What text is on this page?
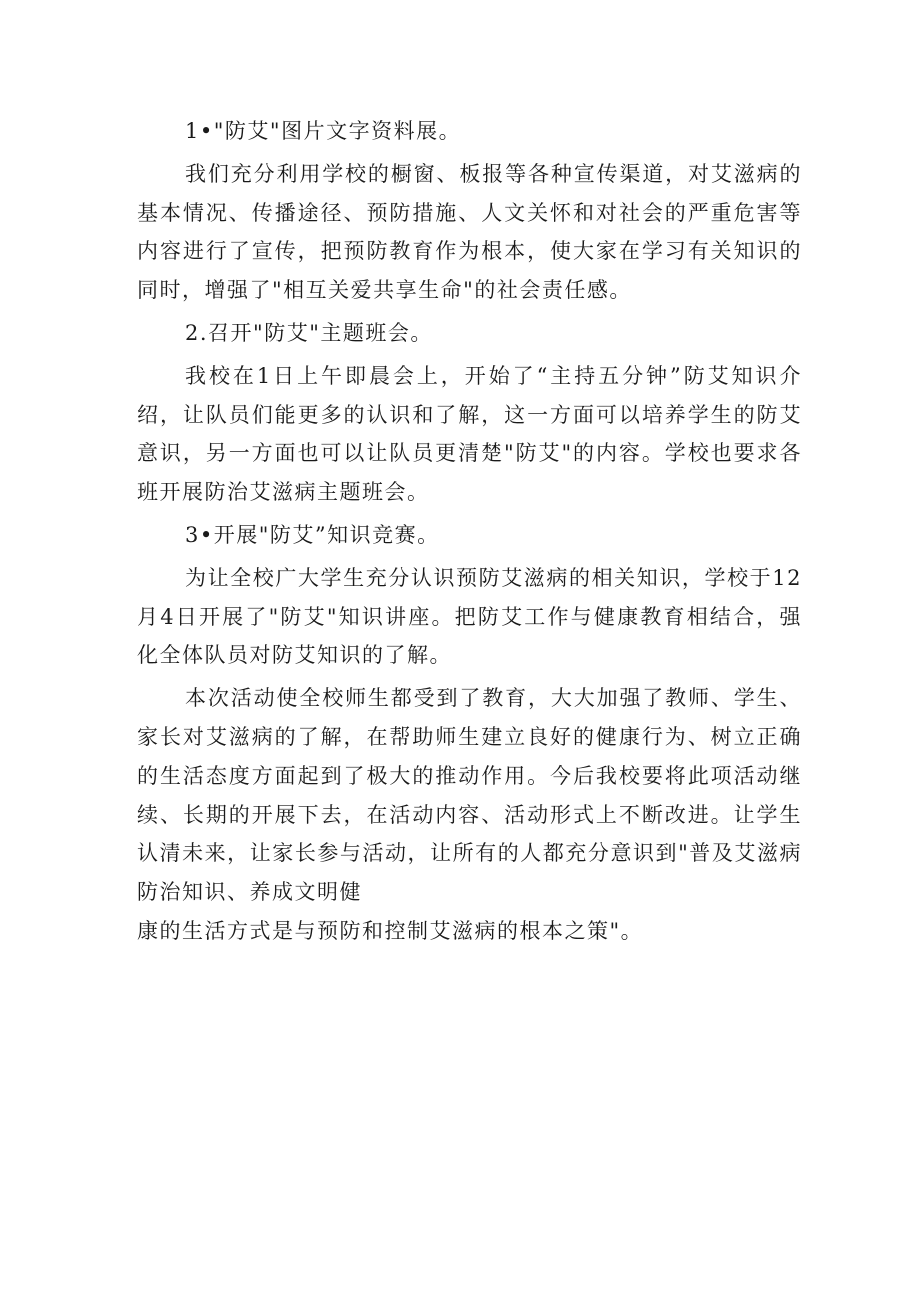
1•"防艾"图片文字资料展。

我们充分利用学校的橱窗、板报等各种宣传渠道，对艾滋病的基本情况、传播途径、预防措施、人文关怀和对社会的严重危害等内容进行了宣传，把预防教育作为根本，使大家在学习有关知识的同时，增强了"相互关爱共享生命"的社会责任感。

2.召开"防艾"主题班会。

我校在1日上午即晨会上，开始了“主持五分钟”防艾知识介绍，让队员们能更多的认识和了解，这一方面可以培养学生的防艾意识，另一方面也可以让队员更清楚"防艾"的内容。学校也要求各班开展防治艾滋病主题班会。

3•开展"防艾”知识竞赛。

为让全校广大学生充分认识预防艾滋病的相关知识，学校于12月4日开展了"防艾"知识讲座。把防艾工作与健康教育相结合，强化全体队员对防艾知识的了解。

本次活动使全校师生都受到了教育，大大加强了教师、学生、家长对艾滋病的了解，在帮助师生建立良好的健康行为、树立正确的生活态度方面起到了极大的推动作用。今后我校要将此项活动继续、长期的开展下去，在活动内容、活动形式上不断改进。让学生认清未来，让家长参与活动，让所有的人都充分意识到"普及艾滋病防治知识、养成文明健

康的生活方式是与预防和控制艾滋病的根本之策"。
